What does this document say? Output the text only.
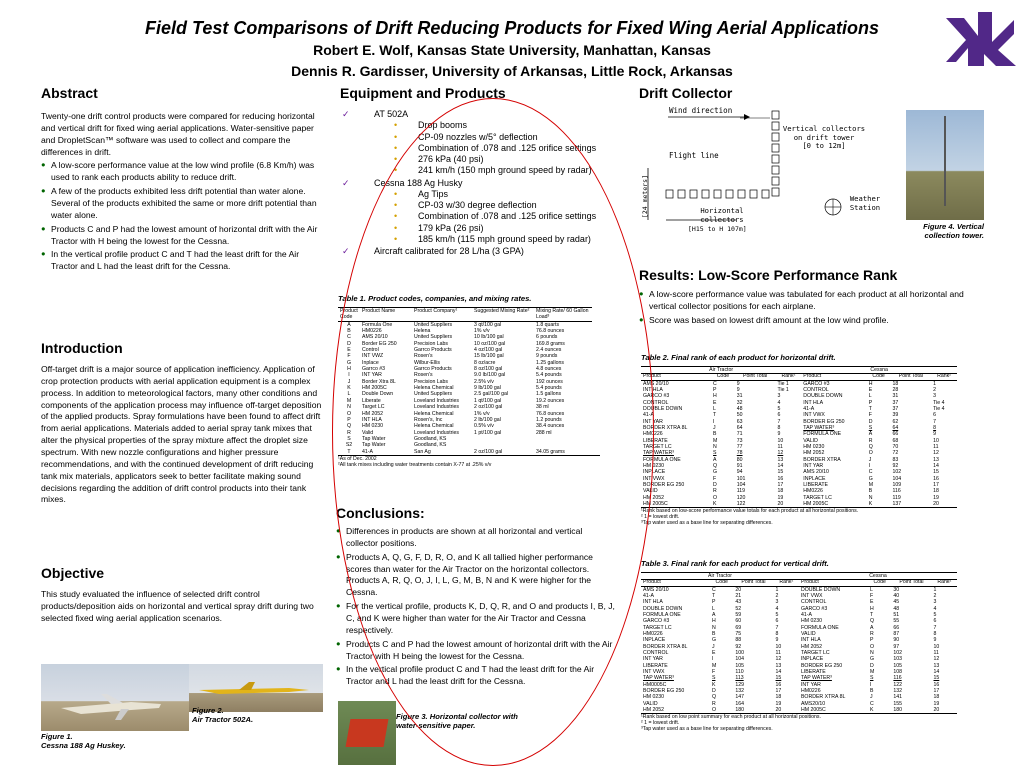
Field Test Comparisons of Drift Reducing Products for Fixed Wing Aerial Applications
Robert E. Wolf, Kansas State University, Manhattan, Kansas
Dennis R. Gardisser, University of Arkansas, Little Rock, Arkansas
Abstract

Twenty-one drift control products were compared for reducing horizontal and vertical drift for fixed wing aerial applications. Water-sensitive paper and DropletScan™ software was used to collect and compare the differences in drift.

● A low-score performance value at the low wind profile (6.8 Km/h) was used to rank each products ability to reduce drift.
● A few of the products exhibited less drift potential than water alone. Several of the products exhibited the same or more drift potential than water alone.
● Products C and P had the lowest amount of horizontal drift with the Air Tractor with H being the lowest for the Cessna.
● In the vertical profile product C and T had the least drift for the Air Tractor and L had the least drift for the Cessna.
Introduction

Off-target drift is a major source of application inefficiency. Application of crop protection products with aerial application equipment is a complex process. In addition to meteorological factors, many other conditions and components of the application process may influence off-target deposition of the applied products. Spray formulations have been found to affect drift from aerial applications. Materials added to aerial spray tank mixes that alter the physical properties of the spray mixture affect the droplet size spectrum. With new nozzle configurations and higher pressure recommendations, and with the continued development of drift reducing tank mix materials, applicators seek to better facilitate making sound decisions regarding the addition of drift control products into their tank mixes.

Objective

This study evaluated the influence of selected drift control products/deposition aids on horizontal and vertical spray drift during two selected fixed wing aerial application scenarios.

Figure 1.
Cessna 188 Ag Huskey.
Figure 2.
Air Tractor 502A.
Equipment and Products
✓ AT 502A
• Drop booms
• CP-09 nozzles w/5° deflection
• Combination of .078 and .125 orifice settings
• 276 kPa (40 psi)
• 241 km/h (150 mph ground speed by radar)
✓ Cessna 188 Ag Husky
• Ag Tips
• CP-03 w/30 degree deflection
• Combination of .078 and .125 orifice settings
• 179 kPa (26 psi)
• 185 km/h (115 mph ground speed by radar)
✓ Aircraft calibrated for 28 L/ha (3 GPA)
Table 1. Product codes, companies, and mixing rates.
Product Code	Product Name	Product Company¹	Suggested Mixing Rate²	Mixing Rate/ 60 Gallon Load³
A	Formula One	United Suppliers	3 qt/100 gal	1.8 quarts
B	HM0226	Helena	1% v/v	76.8 ounces
C	AMS 20/10	United Suppliers	10 lb/100 gal	6 pounds
D	Border EG 250	Precision Labs	10 oz/100 gal	169.8 grams
E	Control	Garrco Products	4 oz/100 gal	2.4 ounces
F	INT VWZ	Rosen's	15 lb/100 gal	9 pounds
G	Inplace	Wilbur-Ellis	8 oz/acre	1.25 gallons
H	Garrco #3	Garrco Products	8 oz/100 gal	4.8 ounces
I	INT YAR	Rosen's	9.0 lb/100 gal	5.4 pounds
J	Border Xtra 8L	Precision Labs	2.5% v/v	192 ounces
K	HM 2005C	Helena Chemical	9 lb/100 gal	5.4 pounds
L	Double Down	United Suppliers	2.5 gal/100 gal	1.5 gallons
M	Liberate	Loveland Industries	1 qt/100 gal	19.2 ounces
N	Target LC	Loveland Industries	2 oz/100 gal	38 ml
O	HM 2052	Helena Chemical	1% v/v	76.8 ounces
P	INT HLA	Rosen's, Inc	2 lb/100 gal	1.2 pounds
Q	HM 0230	Helena Chemical	0.5% v/v	38.4 ounces
R	Valid	Loveland Industries	1 pt/100 gal	288 ml
S	Tap Water	Goodland, KS		
S2	Tap Water	Goodland, KS		
T	41-A	San Ag	2 oz/100 gal	34.05 grams
¹As of Dec. 2002
²All tank mixes including water treatments contain X-77 at .25% v/v
Conclusions:
● Differences in products are shown at all horizontal and vertical collector positions.
● Products A, Q, G, F, D, R, O, and K all tallied higher performance scores than water for the Air Tractor on the horizontal collectors. Products A, R, Q, O, J, I, L, G, M, B, N and K were higher for the Cessna.
● For the vertical profile, products K, D, Q, R, and O and products I, B, J, C, and K were higher than water for the Air Tractor and Cessna respectively.
● Products C and P had the lowest amount of horizontal drift with the Air Tractor with H being the lowest for the Cessna.
● In the vertical profile product C and T had the least drift for the Air Tractor and L had the least drift for the Cessna.
Figure 3. Horizontal collector with
water-sensitive paper.
Drift Collector
Wind direction
Flight line
[24 meters]
Vertical collectors
on drift tower
[0 to 12m]
Horizontal
collectors
[H15 to H 107m]
Weather
Station
Figure 4. Vertical
collection tower.
Results: Low-Score Performance Rank
● A low-score performance value was tabulated for each product at all horizontal and vertical collector positions for each airplane.
● Score was based on lowest drift amount at the low wind profile.
Table 2. Final rank of each product for horizontal drift.
Air Tractor				Cessna			
Product	Code	Point Total	Rank²	Product	Code	Point Total	Rank²
AMS 20/10	C	9	Tie 1	GARCO #3	H	18	1
INT HLA	P	9	Tie 1	CONTROL	E	28	2
GARCO #3	H	31	3	DOUBLE DOWN	L	31	3
CONTROL	E	32	4	INT HLA	P	37	Tie 4
DOUBLE DOWN	L	48	5	41-A	T	37	Tie 4
41-A	T	50	6	INT VWX	F	39	6
INT YAR	I	63	7	BORDER EG 250	D	62	7
BORDER XTRA 8L	J	64	8	TAP WATER³	S	64	8
HM0226	B	71	9	FORMULA ONE	A	66	9
LIBERATE	M	73	10	VALID	R	68	10
TARGET LC	N	77	11	HM 0230	Q	70	11
TAP WATER³	S	78	12	HM 2052	O	72	12
FORMULA ONE	A	80	13	BORDER XTRA	J	83	13
HM 0230	Q	91	14	INT YAR	I	92	14
INPLACE	G	94	15	AMS 20/10	C	102	15
INT VWX	F	101	16	INPLACE	G	104	16
BORDER EG 250	D	104	17	LIBERATE	M	109	17
VALID	R	119	18	HM0226	B	116	18
HM 2052	O	120	19	TARGET LC	N	119	19
HM 2005C	K	122	20	HM 2005C	K	137	20
¹Rank based on low-score performance value totals for each product at all horizontal positions.
² 1 = lowest drift.
³Tap water used as a base line for separating differences.
Table 3. Final rank for each product for vertical drift.
Air Tractor				Cessna			
Product	Code	Point Total	Rank²	Product	Code	Point Total	Rank²
AMS 20/10	C	20	1	DOUBLE DOWN	L	30	1
41-A	T	21	2	INT VWX	F	40	2
INT HLA	P	43	3	CONTROL	E	45	3
DOUBLE DOWN	L	52	4	GARCO #3	H	48	4
FORMULA ONE	A	59	5	41-A	T	51	5
GARCO #3	H	60	6	HM 0230	Q	55	6
TARGET LC	N	69	7	FORMULA ONE	A	66	7
HM0226	B	75	8	VALID	R	87	8
INPLACE	G	88	9	INT HLA	P	90	9
BORDER XTRA 8L	J	92	10	HM 2052	O	97	10
CONTROL	E	100	11	TARGET LC	N	102	11
INT YAR	I	104	12	INPLACE	G	103	12
LIBERATE	M	105	13	BORDER EG 250	D	105	13
INT VWX	F	110	14	LIBERATE	M	108	14
TAP WATER³	S	113	15	TAP WATER³	S	116	15
HM0005C	K	129	16	INT YAR	I	122	16
BORDER EG 250	D	132	17	HM0226	B	132	17
HM 0230	Q	147	18	BORDER XTRA 8L	J	141	18
VALID	R	164	19	AMS20/10	C	155	19
HM 2052	O	180	20	HM 2005C	K	180	20
¹Rank based on low point summary for each product at all horizontal positions.
² 1 = lowest drift.
³Tap water used as a base line for separating differences.
